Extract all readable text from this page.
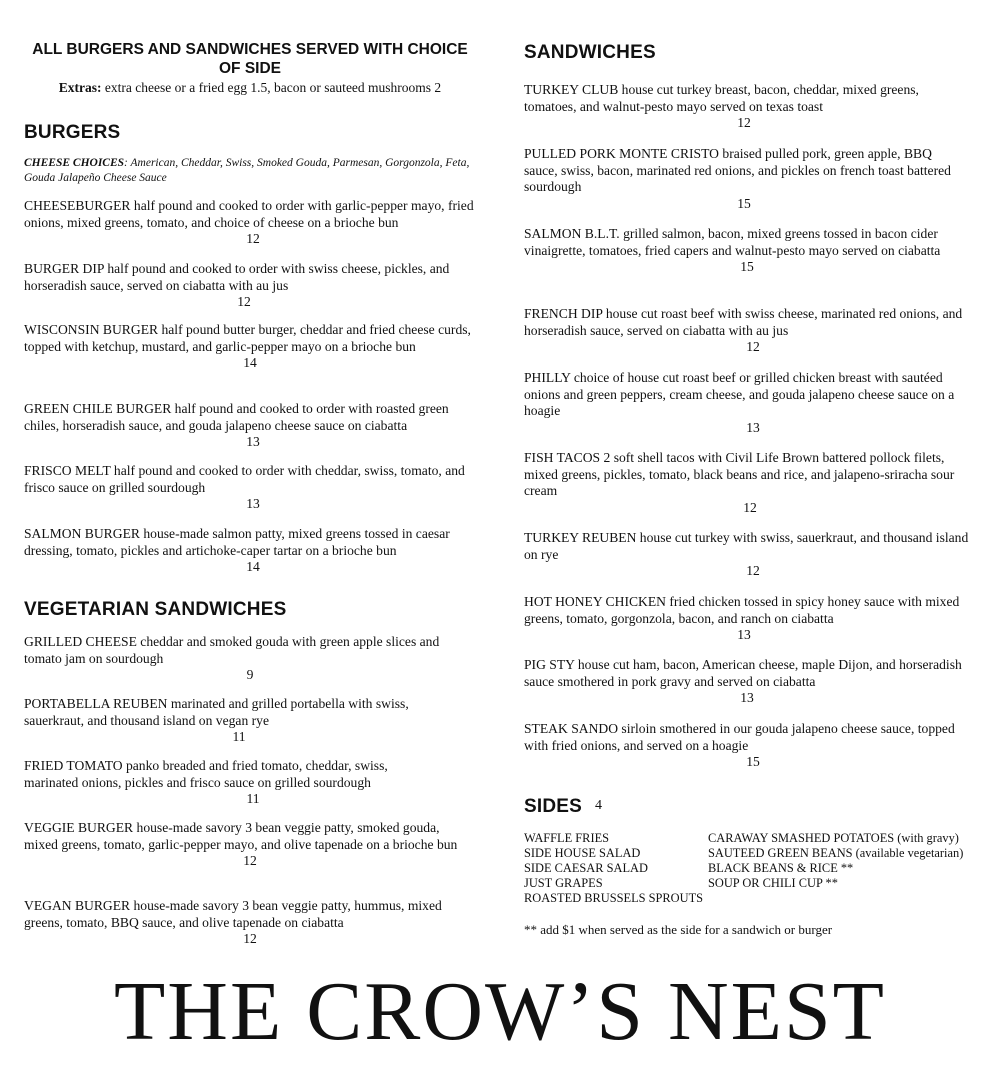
ALL BURGERS AND SANDWICHES SERVED WITH CHOICE OF SIDE
Extras: extra cheese or a fried egg 1.5, bacon or sauteed mushrooms 2
BURGERS
CHEESE CHOICES: American, Cheddar, Swiss, Smoked Gouda, Parmesan, Gorgonzola, Feta, Gouda Jalapeño Cheese Sauce
CHEESEBURGER half pound and cooked to order with garlic-pepper mayo, fried onions, mixed greens, tomato, and choice of cheese on a brioche bun
12
BURGER DIP half pound and cooked to order with swiss cheese, pickles, and horseradish sauce, served on ciabatta with au jus
12
WISCONSIN BURGER half pound butter burger, cheddar and fried cheese curds, topped with ketchup, mustard, and garlic-pepper mayo on a brioche bun
14
GREEN CHILE BURGER half pound and cooked to order with roasted green chiles, horseradish sauce, and gouda jalapeno cheese sauce on ciabatta
13
FRISCO MELT half pound and cooked to order with cheddar, swiss, tomato, and frisco sauce on grilled sourdough
13
SALMON BURGER house-made salmon patty, mixed greens tossed in caesar dressing, tomato, pickles and artichoke-caper tartar on a brioche bun
14
VEGETARIAN SANDWICHES
GRILLED CHEESE cheddar and smoked gouda with green apple slices and tomato jam on sourdough
9
PORTABELLA REUBEN marinated and grilled portabella with swiss, sauerkraut, and thousand island on vegan rye
11
FRIED TOMATO panko breaded and fried tomato, cheddar, swiss, marinated onions, pickles and frisco sauce on grilled sourdough
11
VEGGIE BURGER house-made savory 3 bean veggie patty, smoked gouda, mixed greens, tomato, garlic-pepper mayo, and olive tapenade on a brioche bun
12
VEGAN BURGER house-made savory 3 bean veggie patty, hummus, mixed greens, tomato, BBQ sauce, and olive tapenade on ciabatta
12
SANDWICHES
TURKEY CLUB house cut turkey breast, bacon, cheddar, mixed greens, tomatoes, and walnut-pesto mayo served on texas toast
12
PULLED PORK MONTE CRISTO braised pulled pork, green apple, BBQ sauce, swiss, bacon, marinated red onions, and pickles on french toast battered sourdough
15
SALMON B.L.T. grilled salmon, bacon, mixed greens tossed in bacon cider vinaigrette, tomatoes, fried capers and walnut-pesto mayo served on ciabatta
15
FRENCH DIP house cut roast beef with swiss cheese, marinated red onions, and horseradish sauce, served on ciabatta with au jus
12
PHILLY choice of house cut roast beef or grilled chicken breast with sautéed onions and green peppers, cream cheese, and gouda jalapeno cheese sauce on a hoagie
13
FISH TACOS 2 soft shell tacos with Civil Life Brown battered pollock filets, mixed greens, pickles, tomato, black beans and rice, and jalapeno-sriracha sour cream
12
TURKEY REUBEN house cut turkey with swiss, sauerkraut, and thousand island on rye
12
HOT HONEY CHICKEN fried chicken tossed in spicy honey sauce with mixed greens, tomato, gorgonzola, bacon, and ranch on ciabatta
13
PIG STY house cut ham, bacon, American cheese, maple Dijon, and horseradish sauce smothered in pork gravy and served on ciabatta
13
STEAK SANDO sirloin smothered in our gouda jalapeno cheese sauce, topped with fried onions, and served on a hoagie
15
SIDES 4
WAFFLE FRIES
SIDE HOUSE SALAD
SIDE CAESAR SALAD
JUST GRAPES
ROASTED BRUSSELS SPROUTS
CARAWAY SMASHED POTATOES (with gravy)
SAUTEED GREEN BEANS (available vegetarian)
BLACK BEANS & RICE **
SOUP OR CHILI CUP **
** add $1 when served as the side for a sandwich or burger
THE CROW’S NEST
